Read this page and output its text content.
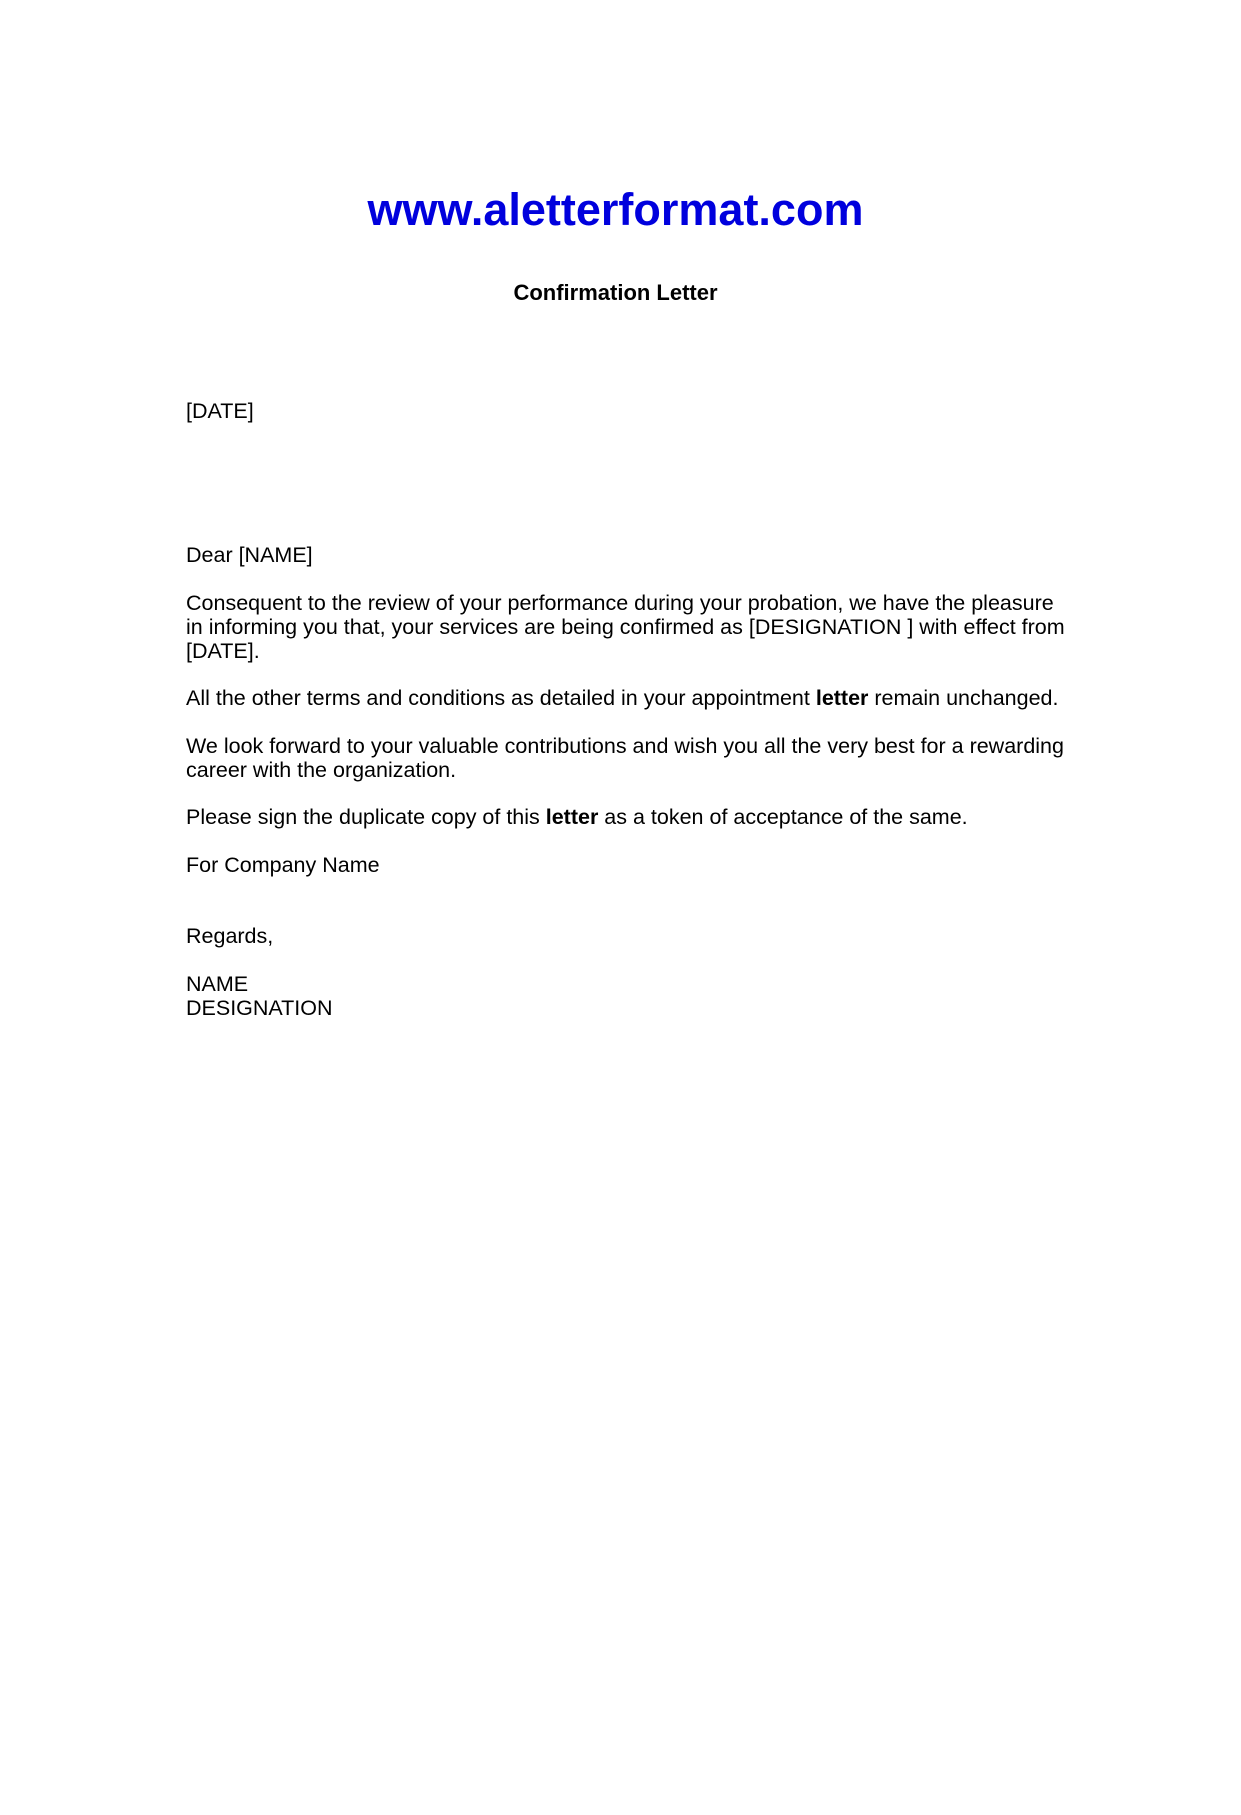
www.aletterformat.com
Confirmation Letter

[DATE]

Dear [NAME]

Consequent to the review of your performance during your probation, we have the pleasure in informing you that, your services are being confirmed as [DESIGNATION ] with effect from [DATE].

All the other terms and conditions as detailed in your appointment letter remain unchanged.

We look forward to your valuable contributions and wish you all the very best for a rewarding career with the organization.

Please sign the duplicate copy of this letter as a token of acceptance of the same.

For Company Name

Regards,

NAME

DESIGNATION
